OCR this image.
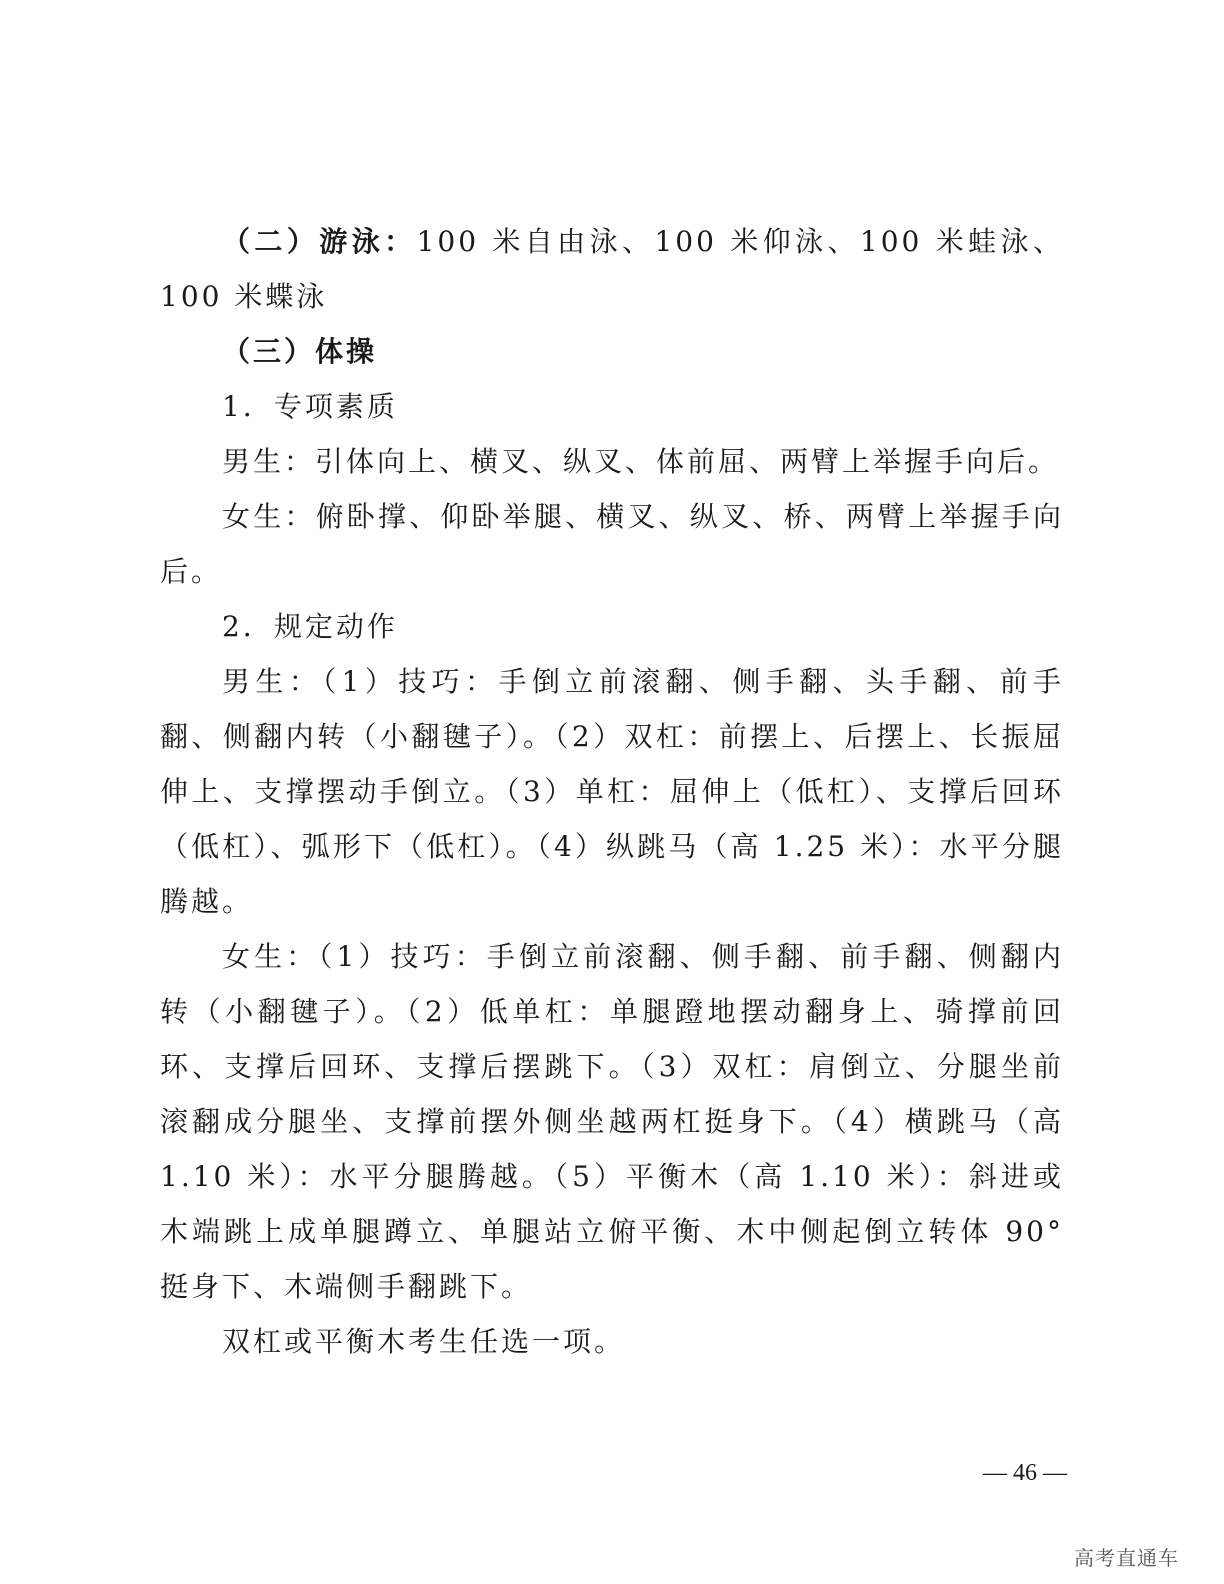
（二）游泳：100 米自由泳、100 米仰泳、100 米蛙泳、100 米蝶泳

（三）体操

1．专项素质

男生：引体向上、横叉、纵叉、体前屈、两臂上举握手向后。

女生：俯卧撑、仰卧举腿、横叉、纵叉、桥、两臂上举握手向后。

2．规定动作

男生：（1）技巧：手倒立前滚翻、侧手翻、头手翻、前手翻、侧翻内转（小翻毽子）。（2）双杠：前摆上、后摆上、长振屈伸上、支撑摆动手倒立。（3）单杠：屈伸上（低杠）、支撑后回环（低杠）、弧形下（低杠）。（4）纵跳马（高 1.25 米）：水平分腿腾越。

女生：（1）技巧：手倒立前滚翻、侧手翻、前手翻、侧翻内转（小翻毽子）。（2）低单杠：单腿蹬地摆动翻身上、骑撑前回环、支撑后回环、支撑后摆跳下。（3）双杠：肩倒立、分腿坐前滚翻成分腿坐、支撑前摆外侧坐越两杠挺身下。（4）横跳马（高 1.10 米）：水平分腿腾越。（5）平衡木（高 1.10 米）：斜进或木端跳上成单腿蹲立、单腿站立俯平衡、木中侧起倒立转体 90°挺身下、木端侧手翻跳下。

双杠或平衡木考生任选一项。

— 46 —
高考直通车
